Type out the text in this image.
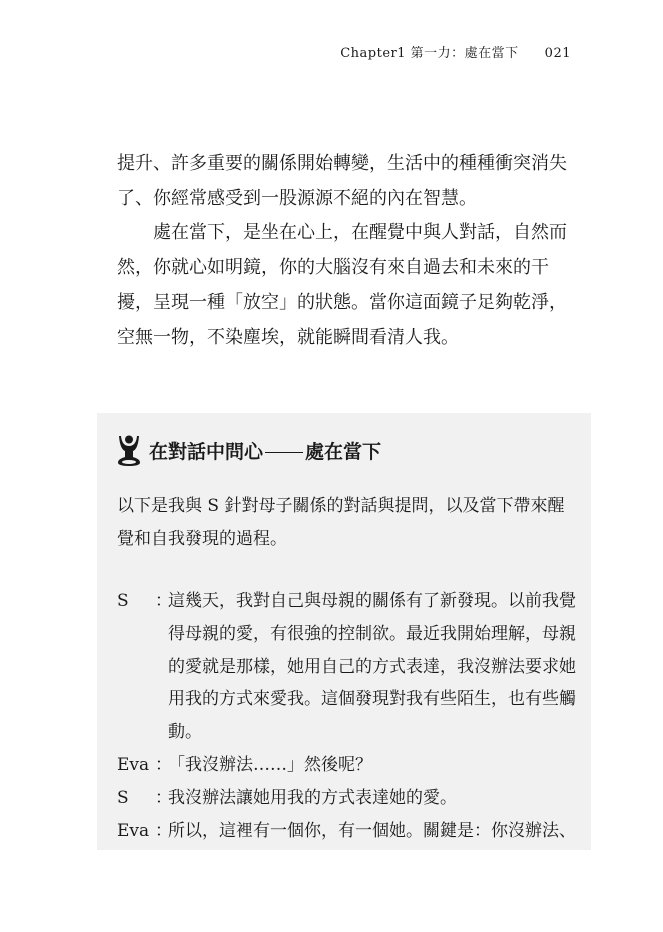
Chapter1 第一力：處在當下 021

提升、許多重要的關係開始轉變，生活中的種種衝突消失了、你經常感受到一股源源不絕的內在智慧。

處在當下，是坐在心上，在醒覺中與人對話，自然而然，你就心如明鏡，你的大腦沒有來自過去和未來的干擾，呈現一種「放空」的狀態。當你這面鏡子足夠乾淨，空無一物，不染塵埃，就能瞬間看清人我。

在對話中問心 處在當下
以下是我與 S 針對母子關係的對話與提問，以及當下帶來醒覺和自我發現的過程。
S	：
這幾天，我對自己與母親的關係有了新發現。以前我覺得母親的愛，有很強的控制欲。最近我開始理解，母親的愛就是那樣，她用自己的方式表達，我沒辦法要求她用我的方式來愛我。這個發現對我有些陌生，也有些觸動。
Eva ：
「我沒辦法……」然後呢？
S	：
我沒辦法讓她用我的方式表達她的愛。
Eva ：
所以，這裡有一個你，有一個她。關鍵是：你沒辦法、
